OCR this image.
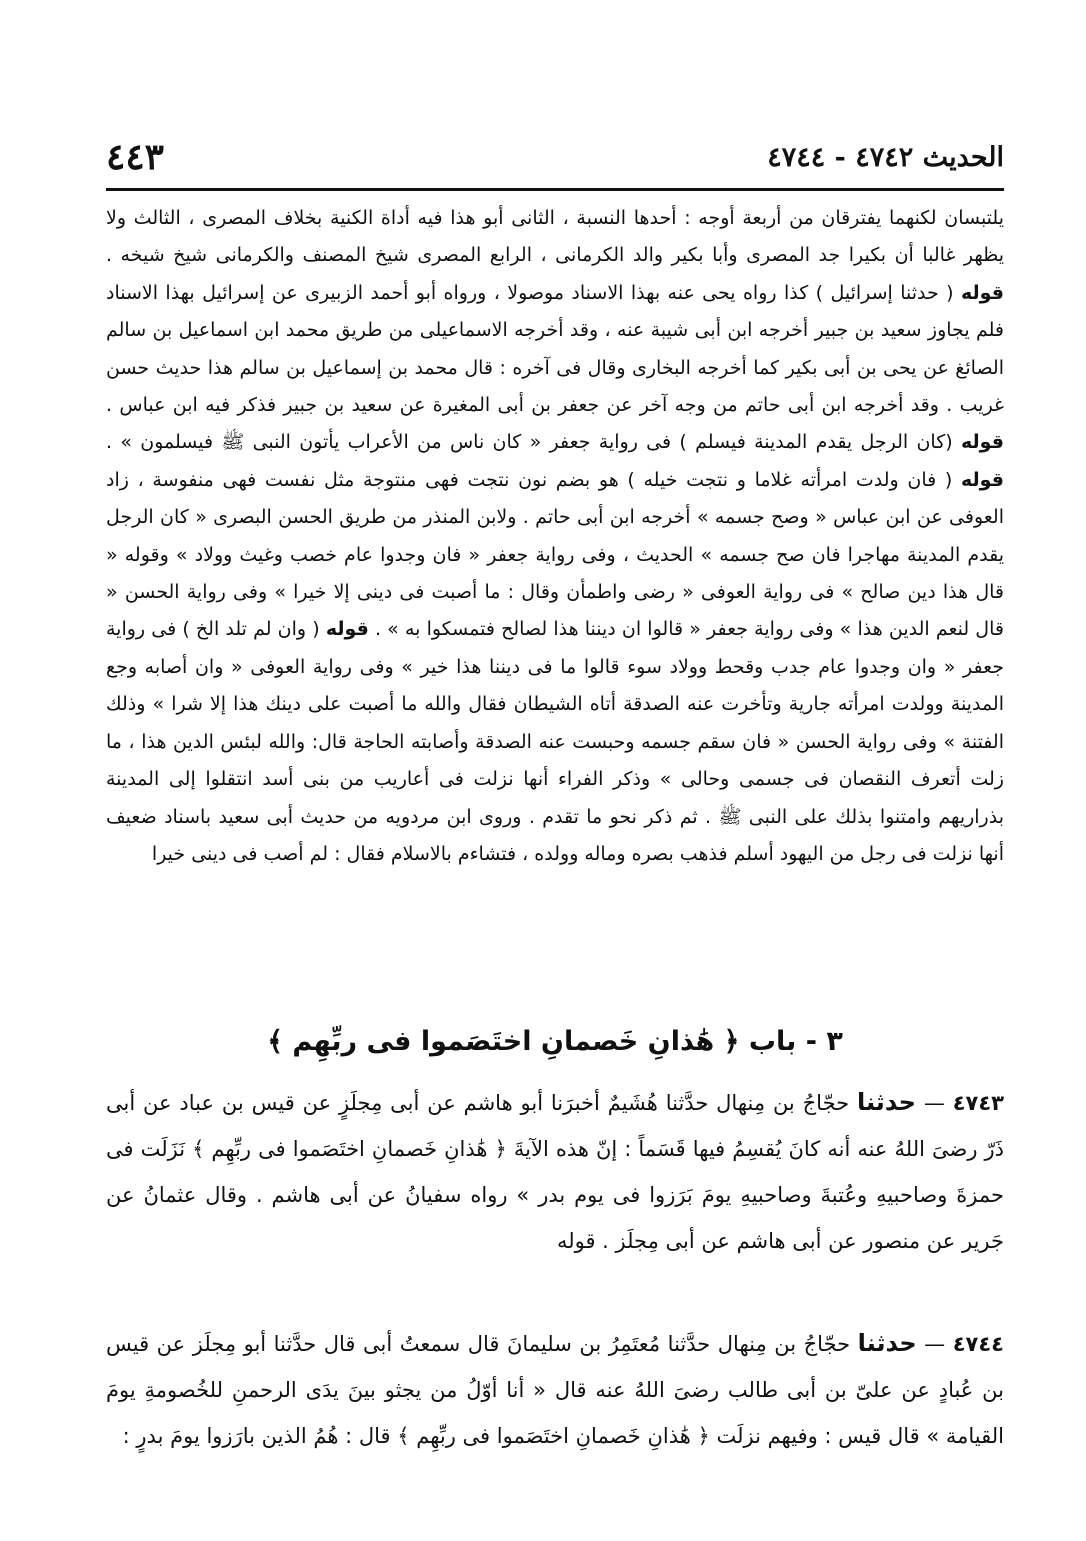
الحديث ٤٧٤٢ - ٤٧٤٤
٤٤٣

يلتبسان لكنهما يفترقان من أربعة أوجه : أحدها النسبة ، الثانى أبو هذا فيه أداة الكنية بخلاف المصرى ، الثالث ولا يظهر غالبا أن بكيرا جد المصرى وأبا بكير والد الكرمانى ، الرابع المصرى شيخ المصنف والكرمانى شيخ شيخه . قوله ( حدثنا إسرائيل ) كذا رواه يحى عنه بهذا الاسناد موصولا ، ورواه أبو أحمد الزبيرى عن إسرائيل بهذا الاسناد فلم يجاوز سعيد بن جبير أخرجه ابن أبى شيبة عنه ، وقد أخرجه الاسماعيلى من طريق محمد ابن اسماعيل بن سالم الصائغ عن يحى بن أبى بكير كما أخرجه البخارى وقال فى آخره : قال محمد بن إسماعيل بن سالم هذا حديث حسن غريب . وقد أخرجه ابن أبى حاتم من وجه آخر عن جعفر بن أبى المغيرة عن سعيد بن جبير فذكر فيه ابن عباس . قوله (كان الرجل يقدم المدينة فيسلم ) فى رواية جعفر « كان ناس من الأعراب يأتون النبى ﷺ فيسلمون » . قوله ( فان ولدت امرأته غلاما و نتجت خيله ) هو بضم نون نتجت فهى منتوجة مثل نفست فهى منفوسة ، زاد العوفى عن ابن عباس « وصح جسمه » أخرجه ابن أبى حاتم . ولابن المنذر من طريق الحسن البصرى « كان الرجل يقدم المدينة مهاجرا فان صح جسمه » الحديث ، وفى رواية جعفر « فان وجدوا عام خصب وغيث وولاد » وقوله « قال هذا دين صالح » فى رواية العوفى « رضى واطمأن وقال : ما أصبت فى دينى إلا خيرا » وفى رواية الحسن « قال لنعم الدين هذا » وفى رواية جعفر « قالوا ان ديننا هذا لصالح فتمسكوا به » . قوله ( وان لم تلد الخ ) فى رواية جعفر « وان وجدوا عام جدب وقحط وولاد سوء قالوا ما فى ديننا هذا خير » وفى رواية العوفى « وان أصابه وجع المدينة وولدت امرأته جارية وتأخرت عنه الصدقة أتاه الشيطان فقال والله ما أصبت على دينك هذا إلا شرا » وذلك الفتنة » وفى رواية الحسن « فان سقم جسمه وحبست عنه الصدقة وأصابته الحاجة قال: والله لبئس الدين هذا ، ما زلت أتعرف النقصان فى جسمى وحالى » وذكر الفراء أنها نزلت فى أعاريب من بنى أسد انتقلوا إلى المدينة بذراريهم وامتنوا بذلك على النبى ﷺ . ثم ذكر نحو ما تقدم . وروى ابن مردويه من حديث أبى سعيد باسناد ضعيف أنها نزلت فى رجل من اليهود أسلم فذهب بصره وماله وولده ، فتشاءم بالاسلام فقال : لم أصب فى دينى خيرا

٣ - باب ﴿ هَٰذانِ خَصمانِ اختَصَموا فى ربِّهِم ﴾

٤٧٤٣ — حدثنا حجّاجُ بن مِنهال حدَّثنا هُشَيمٌ أخبرَنا أبو هاشم عن أبى مِجلَزٍ عن قيس بن عباد عن أبى ذَرّ رضىَ اللهُ عنه أنه كانَ يُقسِمُ فيها قَسَماً : إنّ هذه الآيةَ ﴿ هَٰذانِ خَصمانِ اختَصَموا فى ربِّهِم ﴾ نَزَلَت فى حمزةَ وصاحبيهِ وعُتبةَ وصاحبيهِ يومَ بَرَزوا فى يوم بدر » رواه سفيانُ عن أبى هاشم . وقال عثمانُ عن جَرير عن منصور عن أبى هاشم عن أبى مِجلَز . قوله

٤٧٤٤ — حدثنا حجّاجُ بن مِنهال حدَّثنا مُعتَمِرُ بن سليمانَ قال سمعتُ أبى قال حدَّثنا أبو مِجلَز عن قيس بن عُبادٍ عن علىّ بن أبى طالب رضىَ اللهُ عنه قال « أنا أوّلُ من يجثو بينَ يدَى الرحمنِ للخُصومةِ يومَ القيامة » قال قيس : وفيهم نزلَت ﴿ هَٰذانِ خَصمانِ اختَصَموا فى ربِّهِم ﴾ قال : هُمُ الذين بارَزوا يومَ بدرٍ :
